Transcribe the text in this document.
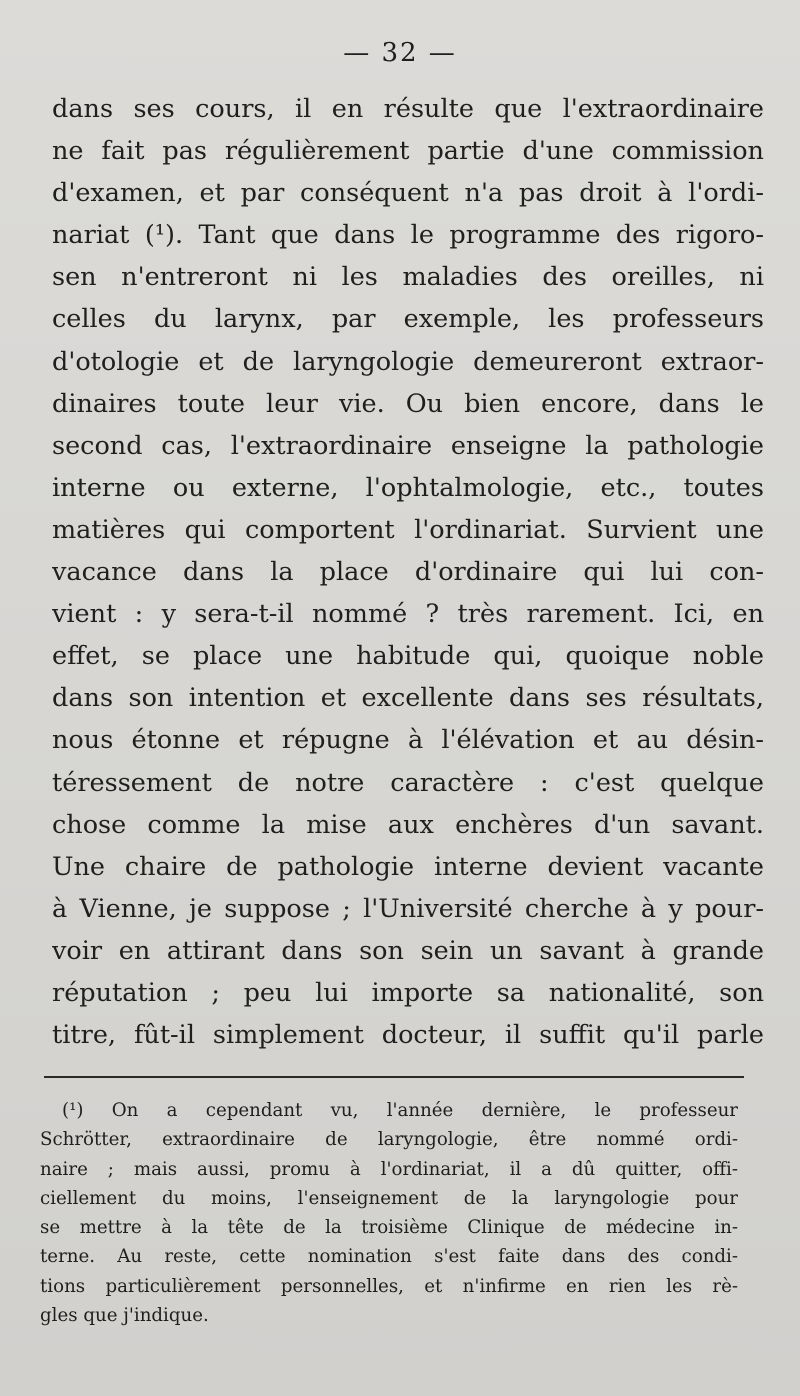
— 32 —
dans ses cours, il en résulte que l'extraordinaire
ne fait pas régulièrement partie d'une commission
d'examen, et par conséquent n'a pas droit à l'ordi-
nariat (¹). Tant que dans le programme des rigoro-
sen n'entreront ni les maladies des oreilles, ni
celles du larynx, par exemple, les professeurs
d'otologie et de laryngologie demeureront extraor-
dinaires toute leur vie. Ou bien encore, dans le
second cas, l'extraordinaire enseigne la pathologie
interne ou externe, l'ophtalmologie, etc., toutes
matières qui comportent l'ordinariat. Survient une
vacance dans la place d'ordinaire qui lui con-
vient : y sera-t-il nommé ? très rarement. Ici, en
effet, se place une habitude qui, quoique noble
dans son intention et excellente dans ses résultats,
nous étonne et répugne à l'élévation et au désin-
téressement de notre caractère : c'est quelque
chose comme la mise aux enchères d'un savant.
Une chaire de pathologie interne devient vacante
à Vienne, je suppose ; l'Université cherche à y pour-
voir en attirant dans son sein un savant à grande
réputation ; peu lui importe sa nationalité, son
titre, fût-il simplement docteur, il suffit qu'il parle
(¹) On a cependant vu, l'année dernière, le professeur
Schrötter, extraordinaire de laryngologie, être nommé ordi-
naire ; mais aussi, promu à l'ordinariat, il a dû quitter, offi-
ciellement du moins, l'enseignement de la laryngologie pour
se mettre à la tête de la troisième Clinique de médecine in-
terne. Au reste, cette nomination s'est faite dans des condi-
tions particulièrement personnelles, et n'infirme en rien les rè-
gles que j'indique.
